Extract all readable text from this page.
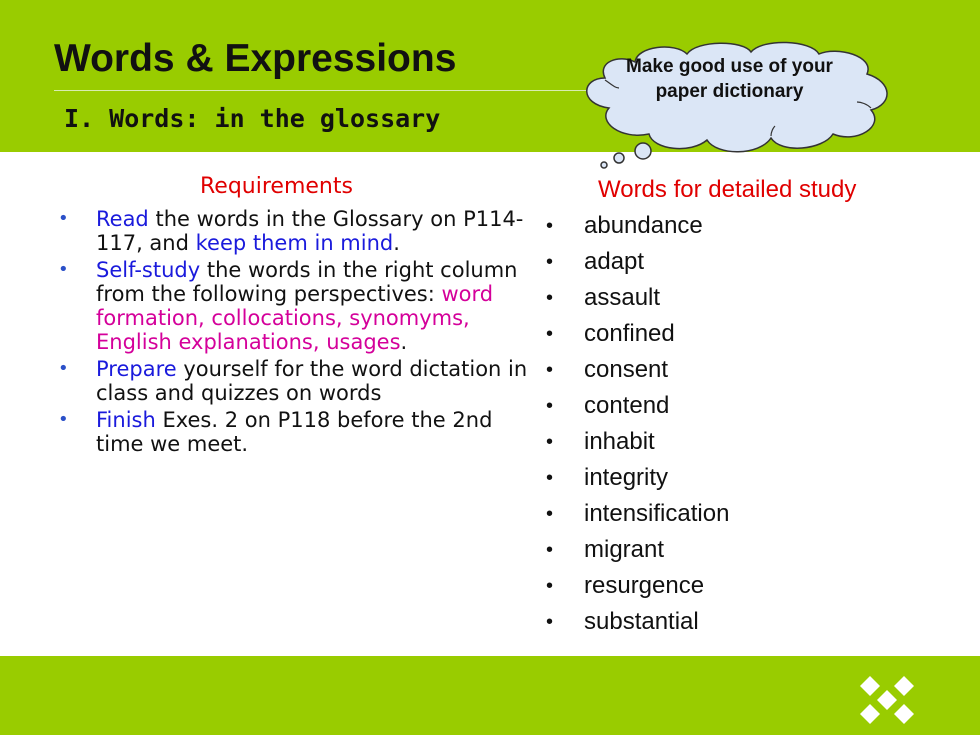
Words & Expressions
I. Words: in the glossary
Make good use of your paper dictionary
Requirements
• Read the words in the Glossary on P114-117, and keep them in mind.
• Self-study the words in the right column from the following perspectives: word formation, collocations, synomyms, English explanations, usages.
• Prepare yourself for the word dictation in class and quizzes on words
• Finish Exes. 2 on P118 before the 2nd time we meet.
Words for detailed study
• abundance
• adapt
• assault
• confined
• consent
• contend
• inhabit
• integrity
• intensification
• migrant
• resurgence
• substantial
